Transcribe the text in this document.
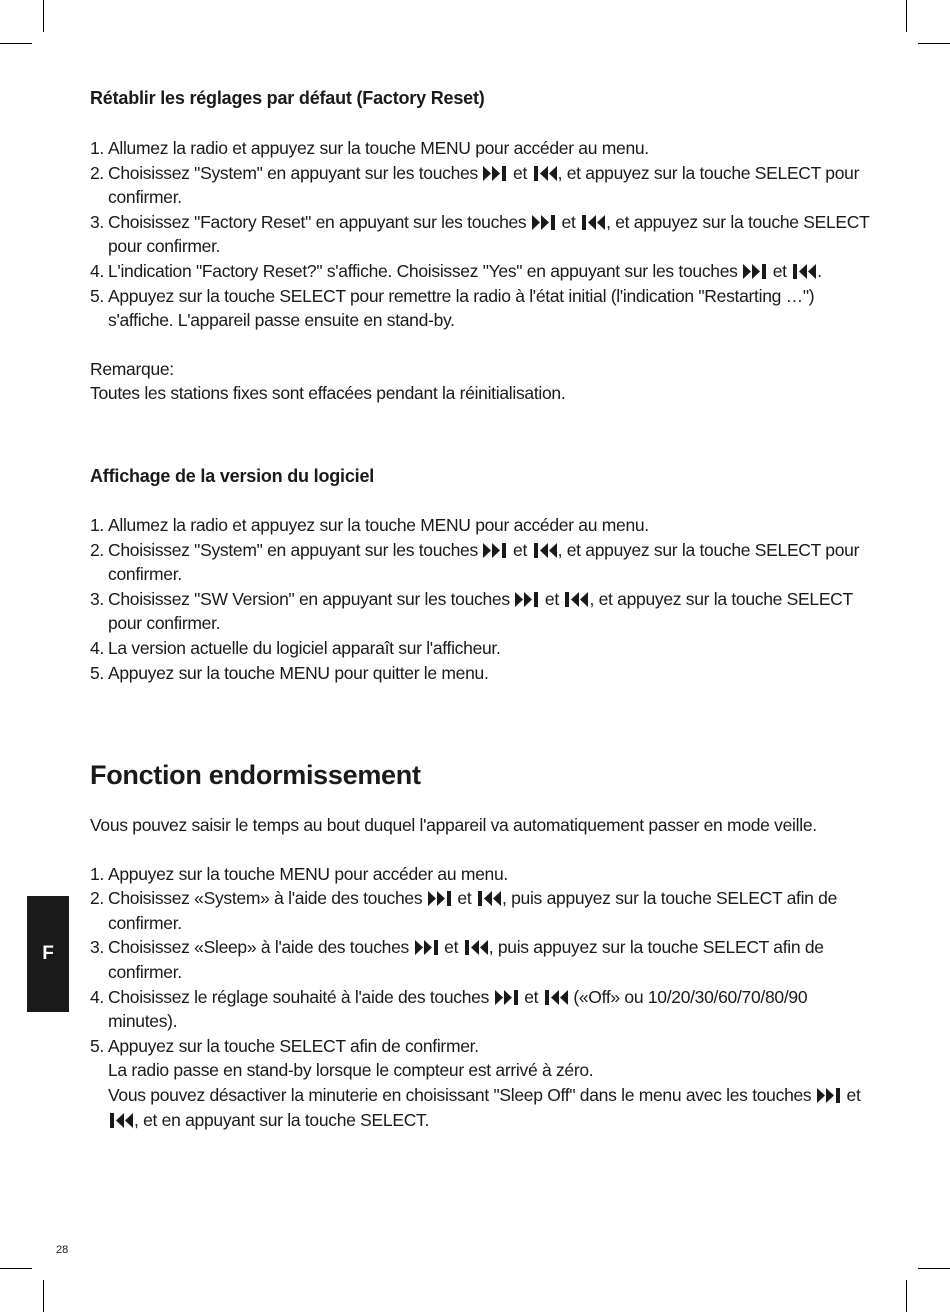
Rétablir les réglages par défaut (Factory Reset)
1. Allumez la radio et appuyez sur la touche MENU pour accéder au menu.
2. Choisissez "System" en appuyant sur les touches et , et appuyez sur la touche SELECT pour confirmer.
3. Choisissez "Factory Reset" en appuyant sur les touches et , et appuyez sur la touche SELECT pour confirmer.
4. L'indication "Factory Reset?" s'affiche. Choisissez "Yes" en appuyant sur les touches et .
5. Appuyez sur la touche SELECT pour remettre la radio à l'état initial (l'indication "Restarting …") s'affiche. L'appareil passe ensuite en stand-by.

Remarque:

Toutes les stations fixes sont effacées pendant la réinitialisation.

Affichage de la version du logiciel
1. Allumez la radio et appuyez sur la touche MENU pour accéder au menu.
2. Choisissez "System" en appuyant sur les touches et , et appuyez sur la touche SELECT pour confirmer.
3. Choisissez "SW Version" en appuyant sur les touches et , et appuyez sur la touche SELECT pour confirmer.
4. La version actuelle du logiciel apparaît sur l'afficheur.
5. Appuyez sur la touche MENU pour quitter le menu.
Fonction endormissement

Vous pouvez saisir le temps au bout duquel l'appareil va automatiquement passer en mode veille.

1. Appuyez sur la touche MENU pour accéder au menu.
2. Choisissez «System» à l'aide des touches et , puis appuyez sur la touche SELECT afin de confirmer.
3. Choisissez «Sleep» à l'aide des touches et , puis appuyez sur la touche SELECT afin de confirmer.
4. Choisissez le réglage souhaité à l'aide des touches et
(«Off» ou 10/20/30/60/70/80/90 minutes).
5. Appuyez sur la touche SELECT afin de confirmer.
La radio passe en stand-by lorsque le compteur est arrivé à zéro.
Vous pouvez désactiver la minuterie en choisissant "Sleep Off" dans le menu avec les touches et
, et en appuyant sur la touche SELECT.
F
28
